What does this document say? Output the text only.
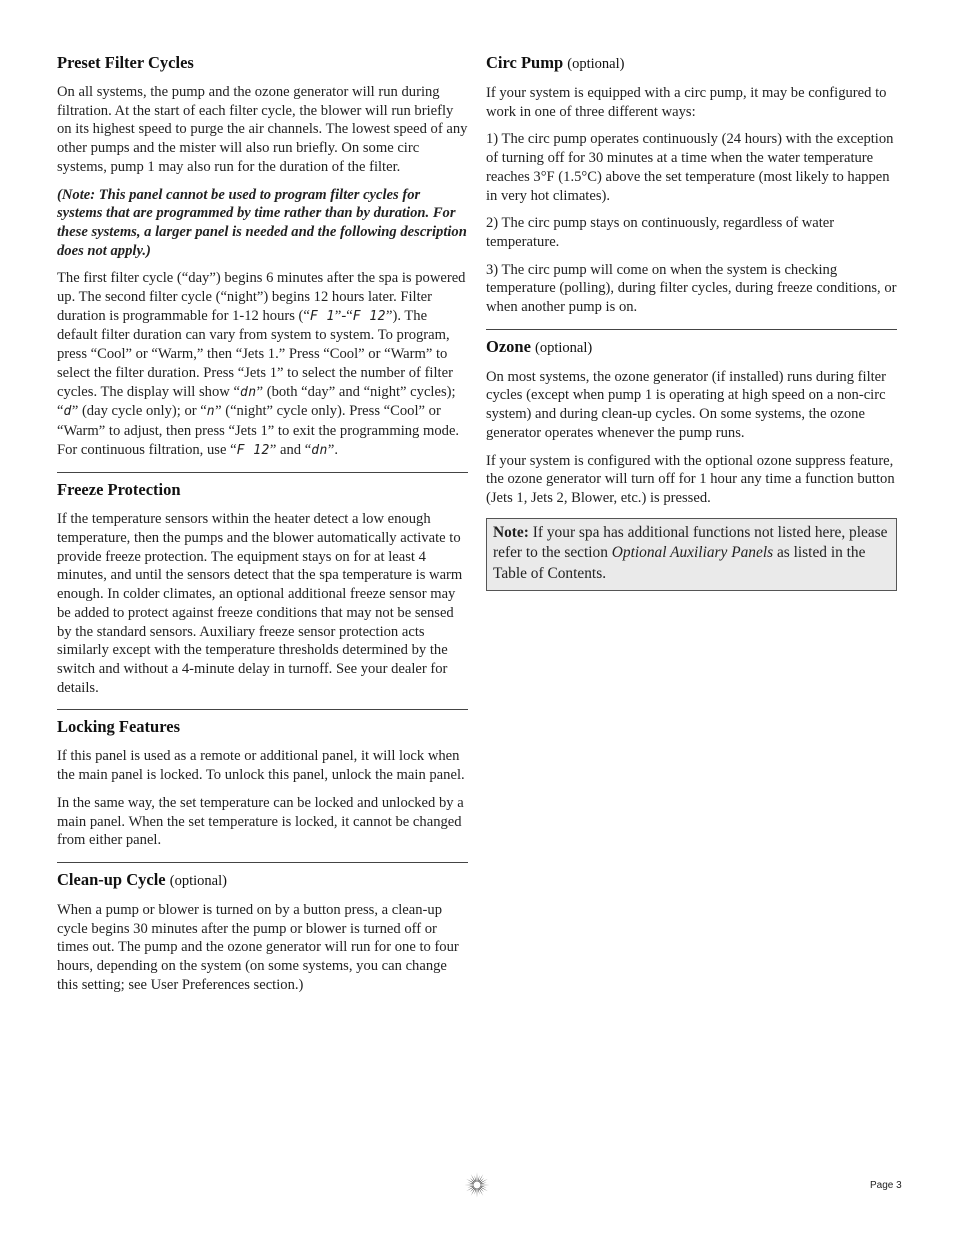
Preset Filter Cycles

On all systems, the pump and the ozone generator will run during filtration. At the start of each filter cycle, the blower will run briefly on its highest speed to purge the air channels. The lowest speed of any other pumps and the mister will also run briefly. On some circ systems, pump 1 may also run for the duration of the filter.

(Note: This panel cannot be used to program filter cycles for systems that are programmed by time rather than by duration. For these systems, a larger panel is needed and the following description does not apply.)

The first filter cycle (“day”) begins 6 minutes after the spa is powered up. The second filter cycle (“night”) begins 12 hours later. Filter duration is programmable for 1-12 hours (“F 1”-“F 12”). The default filter duration can vary from system to system. To program, press “Cool” or “Warm,” then “Jets 1.” Press “Cool” or “Warm” to select the filter duration. Press “Jets 1” to select the number of filter cycles. The display will show “dn” (both “day” and “night” cycles); “d” (day cycle only); or “n” (“night” cycle only). Press “Cool” or “Warm” to adjust, then press “Jets 1” to exit the programming mode. For continuous filtration, use “F 12” and “dn”.

Freeze Protection

If the temperature sensors within the heater detect a low enough temperature, then the pumps and the blower automatically activate to provide freeze protection. The equipment stays on for at least 4 minutes, and until the sensors detect that the spa temperature is warm enough. In colder climates, an optional additional freeze sensor may be added to protect against freeze conditions that may not be sensed by the standard sensors. Auxiliary freeze sensor protection acts similarly except with the temperature thresholds determined by the switch and without a 4-minute delay in turnoff. See your dealer for details.

Locking Features

If this panel is used as a remote or additional panel, it will lock when the main panel is locked. To unlock this panel, unlock the main panel.

In the same way, the set temperature can be locked and unlocked by a main panel. When the set temperature is locked, it cannot be changed from either panel.

Clean-up Cycle (optional)

When a pump or blower is turned on by a button press, a clean-up cycle begins 30 minutes after the pump or blower is turned off or times out. The pump and the ozone generator will run for one to four hours, depending on the system (on some systems, you can change this setting; see User Preferences section.)

Circ Pump (optional)

If your system is equipped with a circ pump, it may be configured to work in one of three different ways:

1) The circ pump operates continuously (24 hours) with the exception of turning off for 30 minutes at a time when the water temperature reaches 3°F (1.5°C) above the set temperature (most likely to happen in very hot climates).

2) The circ pump stays on continuously, regardless of water temperature.

3) The circ pump will come on when the system is checking temperature (polling), during filter cycles, during freeze conditions, or when another pump is on.

Ozone (optional)

On most systems, the ozone generator (if installed) runs during filter cycles (except when pump 1 is operating at high speed on a non-circ system) and during clean-up cycles. On some systems, the ozone generator operates whenever the pump runs.

If your system is configured with the optional ozone suppress feature, the ozone generator will turn off for 1 hour any time a function button (Jets 1, Jets 2, Blower, etc.) is pressed.

Note: If your spa has additional functions not listed here, please refer to the section Optional Auxiliary Panels as listed in the Table of Contents.
Page 3
